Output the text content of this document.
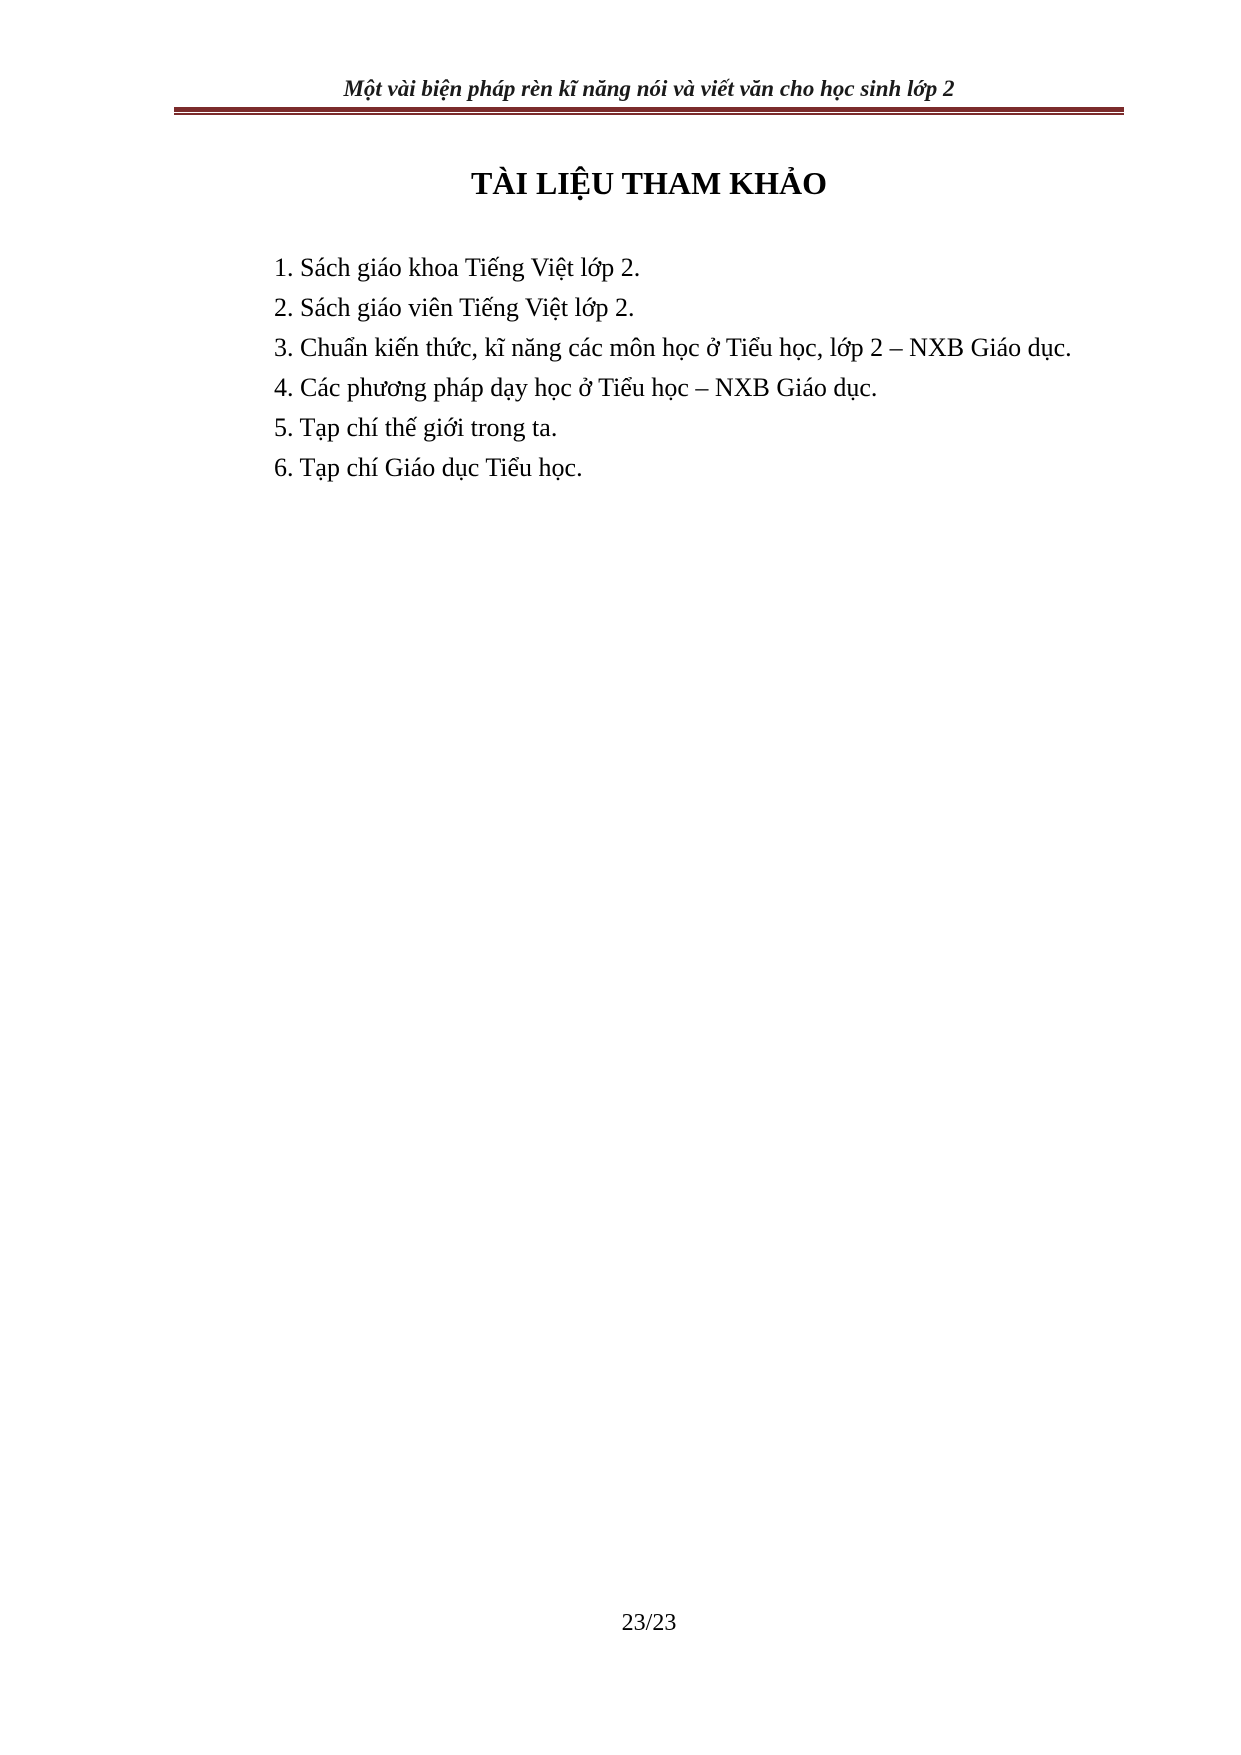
Một vài biện pháp rèn kĩ năng nói và viết văn cho học sinh lớp 2
TÀI LIỆU THAM KHẢO
1. Sách giáo khoa Tiếng Việt lớp 2.
2. Sách giáo viên Tiếng Việt lớp 2.
3. Chuẩn kiến thức, kĩ năng các môn học ở Tiểu học, lớp 2 – NXB Giáo dục.
4. Các phương pháp dạy học ở Tiểu học – NXB Giáo dục.
5. Tạp chí thế giới trong ta.
6. Tạp chí Giáo dục Tiểu học.
23/23
